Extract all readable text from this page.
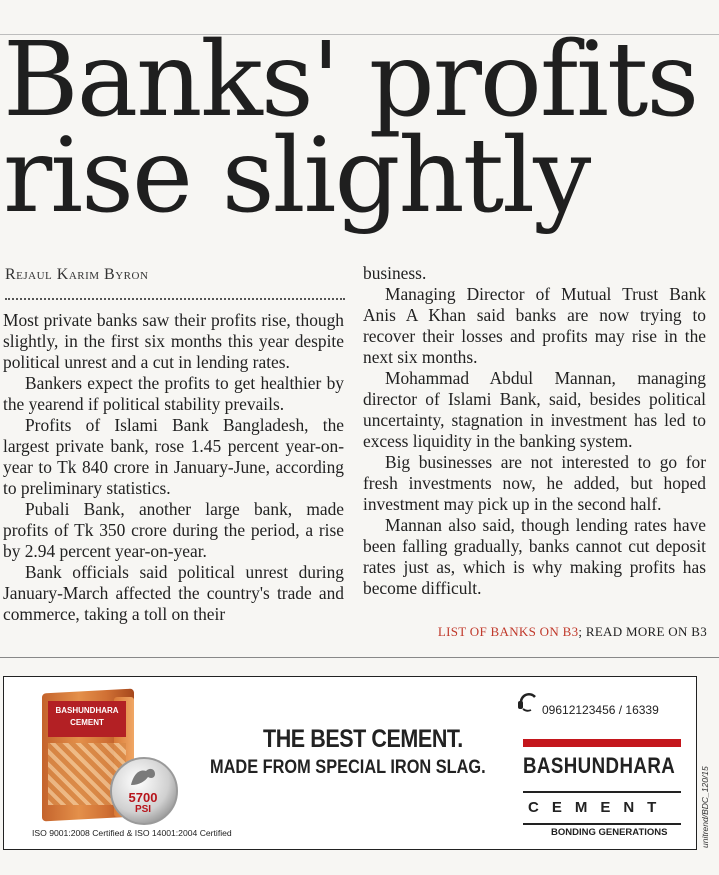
Banks' profits
rise slightly
Rejaul Karim Byron

Most private banks saw their profits rise, though slightly, in the first six months this year despite political unrest and a cut in lending rates.

Bankers expect the profits to get healthier by the yearend if political stability prevails.

Profits of Islami Bank Bangladesh, the largest private bank, rose 1.45 percent year-on-year to Tk 840 crore in January-June, according to preliminary statistics.

Pubali Bank, another large bank, made profits of Tk 350 crore during the period, a rise by 2.94 percent year-on-year.

Bank officials said political unrest during January-March affected the country's trade and commerce, taking a toll on their

business.

Managing Director of Mutual Trust Bank Anis A Khan said banks are now trying to recover their losses and profits may rise in the next six months.

Mohammad Abdul Mannan, managing director of Islami Bank, said, besides political uncertainty, stagnation in investment has led to excess liquidity in the banking system.

Big businesses are not interested to go for fresh investments now, he added, but hoped investment may pick up in the second half.

Mannan also said, though lending rates have been falling gradually, banks cannot cut deposit rates just as, which is why making profits has become difficult.

LIST OF BANKS ON B3; READ MORE ON B3
BASHUNDHARA
CEMENT
5700
PSI
ISO 9001:2008 Certified & ISO 14001:2004 Certified
THE BEST CEMENT.
MADE FROM SPECIAL IRON SLAG.
09612123456 / 16339
BASHUNDHARA
CEMENT
BONDING GENERATIONS	unitrend/BDC_120/15
